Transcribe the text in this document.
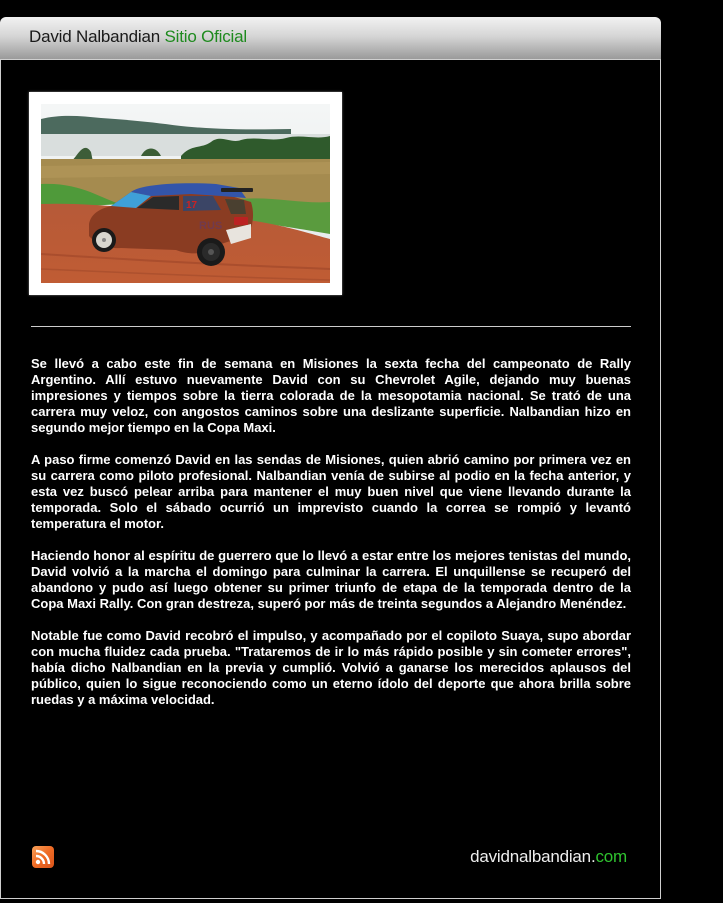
David Nalbandian Sitio Oficial
17
RUS

Se llevó a cabo este fin de semana en Misiones la sexta fecha del campeonato de Rally Argentino. Allí estuvo nuevamente David con su Chevrolet Agile, dejando muy buenas impresiones y tiempos sobre la tierra colorada de la mesopotamia nacional. Se trató de una carrera muy veloz, con angostos caminos sobre una deslizante superficie. Nalbandian hizo en segundo mejor tiempo en la Copa Maxi.

A paso firme comenzó David en las sendas de Misiones, quien abrió camino por primera vez en su carrera como piloto profesional. Nalbandian venía de subirse al podio en la fecha anterior, y esta vez buscó pelear arriba para mantener el muy buen nivel que viene llevando durante la temporada. Solo el sábado ocurrió un imprevisto cuando la correa se rompió y levantó temperatura el motor.

Haciendo honor al espíritu de guerrero que lo llevó a estar entre los mejores tenistas del mundo, David volvió a la marcha el domingo para culminar la carrera. El unquillense se recuperó del abandono y pudo así luego obtener su primer triunfo de etapa de la temporada dentro de la Copa Maxi Rally. Con gran destreza, superó por más de treinta segundos a Alejandro Menéndez.

Notable fue como David recobró el impulso, y acompañado por el copiloto Suaya, supo abordar con mucha fluidez cada prueba. "Trataremos de ir lo más rápido posible y sin cometer errores", había dicho Nalbandian en la previa y cumplió. Volvió a ganarse los merecidos aplausos del público, quien lo sigue reconociendo como un eterno ídolo del deporte que ahora brilla sobre ruedas y a máxima velocidad.

davidnalbandian.com
